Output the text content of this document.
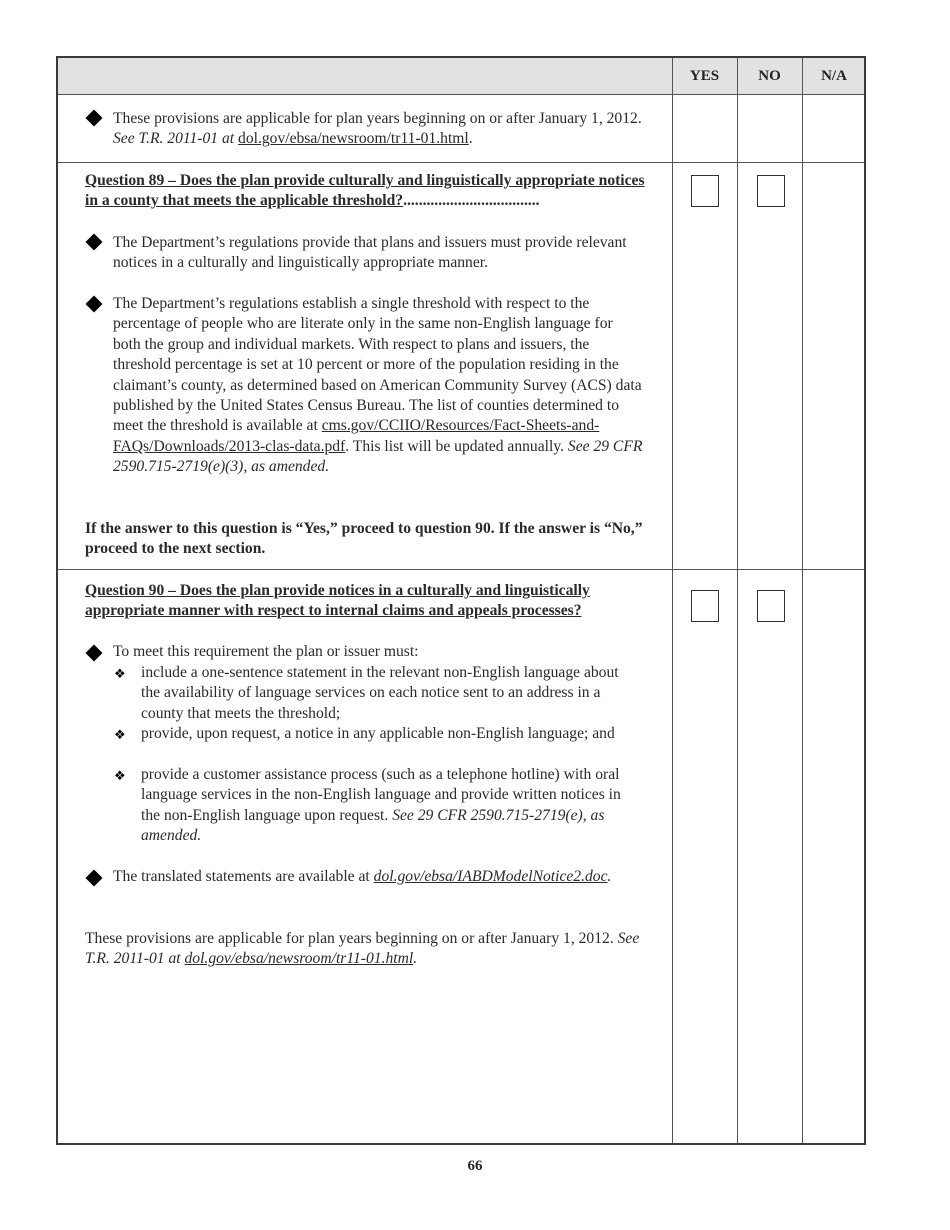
YES	NO	N/A
These provisions are applicable for plan years beginning on or after January 1, 2012. See T.R. 2011-01 at dol.gov/ebsa/newsroom/tr11-01.html.
Question 89 – Does the plan provide culturally and linguistically appropriate notices in a county that meets the applicable threshold?...................................
The Department’s regulations provide that plans and issuers must provide relevant notices in a culturally and linguistically appropriate manner.
The Department’s regulations establish a single threshold with respect to the percentage of people who are literate only in the same non-English language for both the group and individual markets. With respect to plans and issuers, the threshold percentage is set at 10 percent or more of the population residing in the claimant’s county, as determined based on American Community Survey (ACS) data published by the United States Census Bureau. The list of counties determined to meet the threshold is available at cms.gov/CCIIO/Resources/Fact-Sheets-and-FAQs/Downloads/2013-clas-data.pdf. This list will be updated annually. See 29 CFR 2590.715-2719(e)(3), as amended.
If the answer to this question is “Yes,” proceed to question 90. If the answer is “No,” proceed to the next section.
Question 90 – Does the plan provide notices in a culturally and linguistically appropriate manner with respect to internal claims and appeals processes?
To meet this requirement the plan or issuer must:
❖ include a one-sentence statement in the relevant non-English language about the availability of language services on each notice sent to an address in a county that meets the threshold;
❖ provide, upon request, a notice in any applicable non-English language; and
❖ provide a customer assistance process (such as a telephone hotline) with oral language services in the non-English language and provide written notices in the non-English language upon request. See 29 CFR 2590.715-2719(e), as amended.
The translated statements are available at dol.gov/ebsa/IABDModelNotice2.doc.
These provisions are applicable for plan years beginning on or after January 1, 2012. See T.R. 2011-01 at dol.gov/ebsa/newsroom/tr11-01.html.
66
